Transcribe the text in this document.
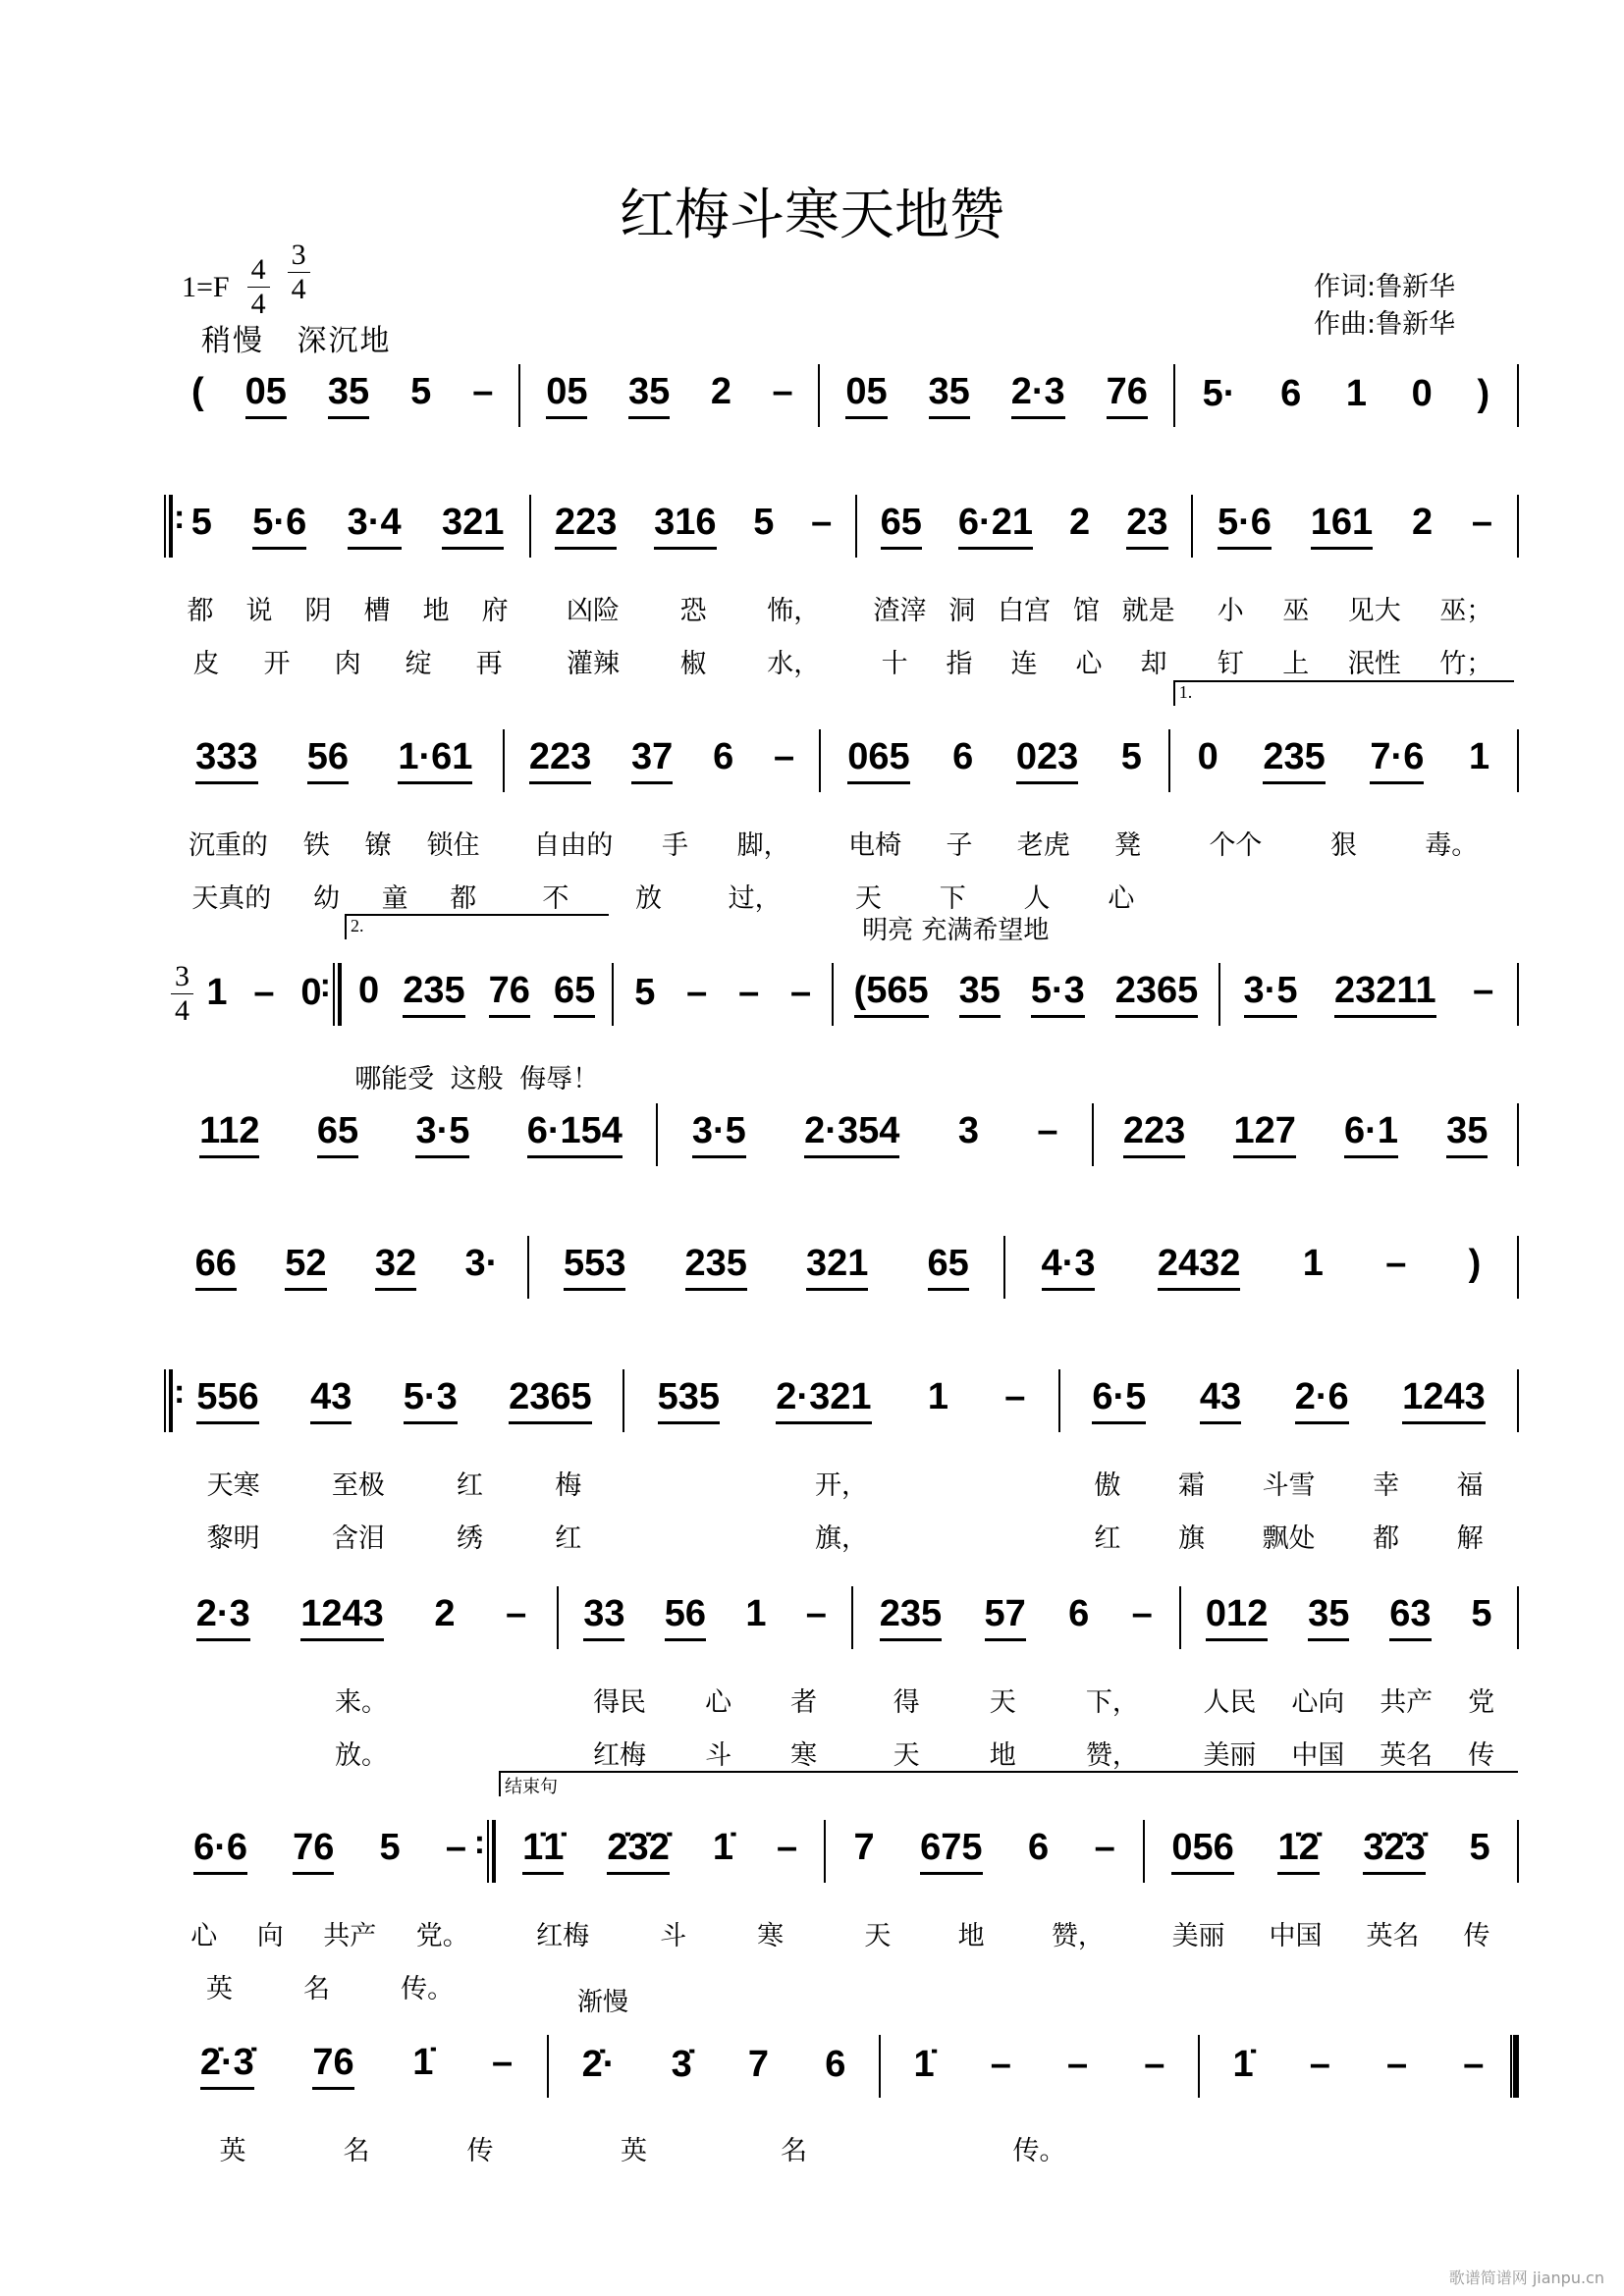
红梅斗寒天地赞
$1=F \frac{4}{4} \frac{3}{4}$
稍慢 深沉地
作词:鲁新华
作曲:鲁新华
( 05 35 5 – 05 35 2 – 05 35 2·3 76 5· 6 1 0 )
5 5·6 3·4 321
都 说 阴 槽 地 府
皮 开 肉 绽 再
:
223 316 5 –
凶险 恐 怖，
灌辣 椒 水，
65 6·21 2 23
渣滓 洞 白宫 馆 就是
十 指 连 心 却
5·6 161 2 –
小 巫 见大 巫；
钉 上 泯性 竹；
333 56 1·61
沉重的 铁 镣 锁住
天真的 幼 童 都
223 37 6 –
自由的 手 脚，
不	放	过，
065 6 023 5
电椅 子 老虎 凳
天 下 人 心
0 235 7·6 1
1.
个个	狠	毒。
: $\frac{3}{4} 1 - 0$ 0 235 76 65
2.
哪能受 这般 侮辱！
5 – – – (565 35 5·3 2365
明亮 充满希望地
3·5 23211 –
112 65 3·5 6·154 3·5 2·354 3 – 223 127 6·1 35
66 52 32 3· 553 235 321 65 4·3 2432 1 – )
556 43 5·3 2365
天寒	至极	红	梅
黎明	含泪	绣	红
:
535 2·321 1 –
开，
旗，
6·5 43 2·6 1243
傲 霜 斗雪 幸 福
红 旗 飘处 都 解
2·3 1243 2 –
来。
放。
33 56 1 –
得民 心 者
红梅 斗 寒
235 57 6 –
得	天	下，
天	地	赞，
012 35 63 5
人民 心向 共产 党
美丽 中国 英名 传
: 6·6 76 5 –
心 向 共产 党。
英	名	传。
1̇1̇ 2̇3̇2̇ 1̇ –
红梅	斗	寒
7 675 6 –
天	地	赞，
056 1̇2̇ 3̇2̇3̇ 5
美丽 中国 英名 传
结束句
2̇·3̇ 76 1̇ –
英	名	传
2̇· 3̇ 7 6
渐慢
英	名
1̇ – – –
传。
1̇ – – –
歌谱简谱网 jianpu.cn
